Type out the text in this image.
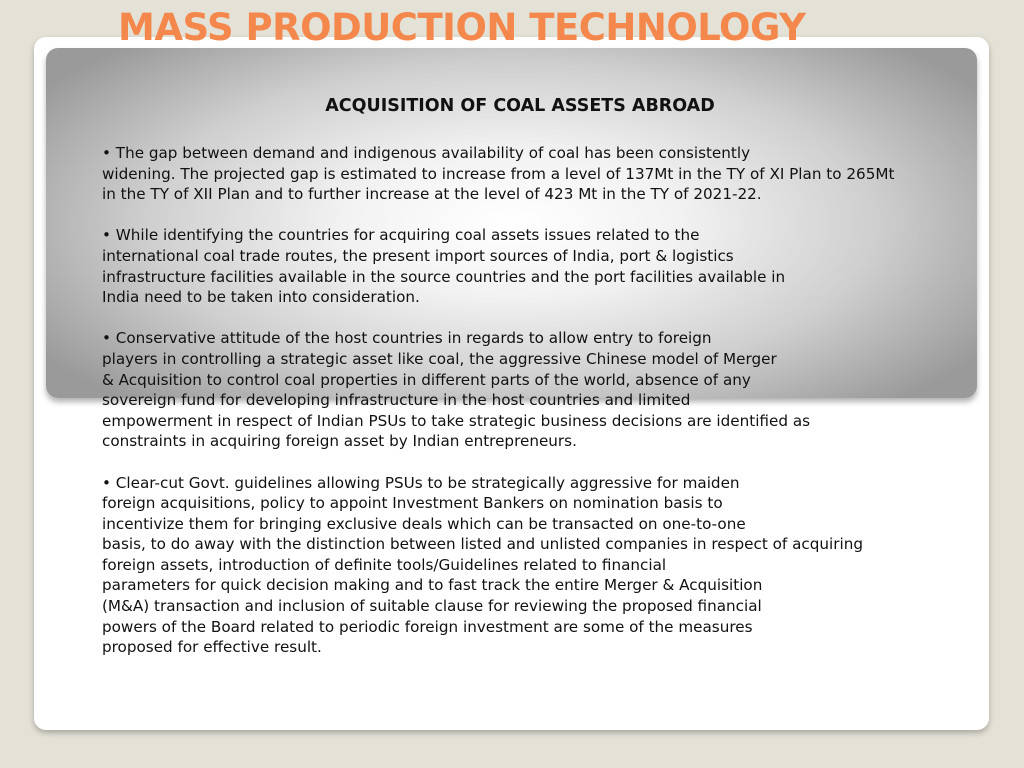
MASS PRODUCTION TECHNOLOGY
ACQUISITION OF COAL ASSETS ABROAD

• The gap between demand and indigenous availability of coal has been consistently
widening. The projected gap is estimated to increase from a level of 137Mt in the TY of XI Plan to 265Mt
in the TY of XII Plan and to further increase at the level of 423 Mt in the TY of 2021-22.

• While identifying the countries for acquiring coal assets issues related to the
international coal trade routes, the present import sources of India, port & logistics
infrastructure facilities available in the source countries and the port facilities available in
India need to be taken into consideration.

• Conservative attitude of the host countries in regards to allow entry to foreign
players in controlling a strategic asset like coal, the aggressive Chinese model of Merger
& Acquisition to control coal properties in different parts of the world, absence of any
sovereign fund for developing infrastructure in the host countries and limited
empowerment in respect of Indian PSUs to take strategic business decisions are identified as
constraints in acquiring foreign asset by Indian entrepreneurs.

• Clear-cut Govt. guidelines allowing PSUs to be strategically aggressive for maiden
foreign acquisitions, policy to appoint Investment Bankers on nomination basis to
incentivize them for bringing exclusive deals which can be transacted on one-to-one
basis, to do away with the distinction between listed and unlisted companies in respect of acquiring
foreign assets, introduction of definite tools/Guidelines related to financial
parameters for quick decision making and to fast track the entire Merger & Acquisition
(M&A) transaction and inclusion of suitable clause for reviewing the proposed financial
powers of the Board related to periodic foreign investment are some of the measures
proposed for effective result.
